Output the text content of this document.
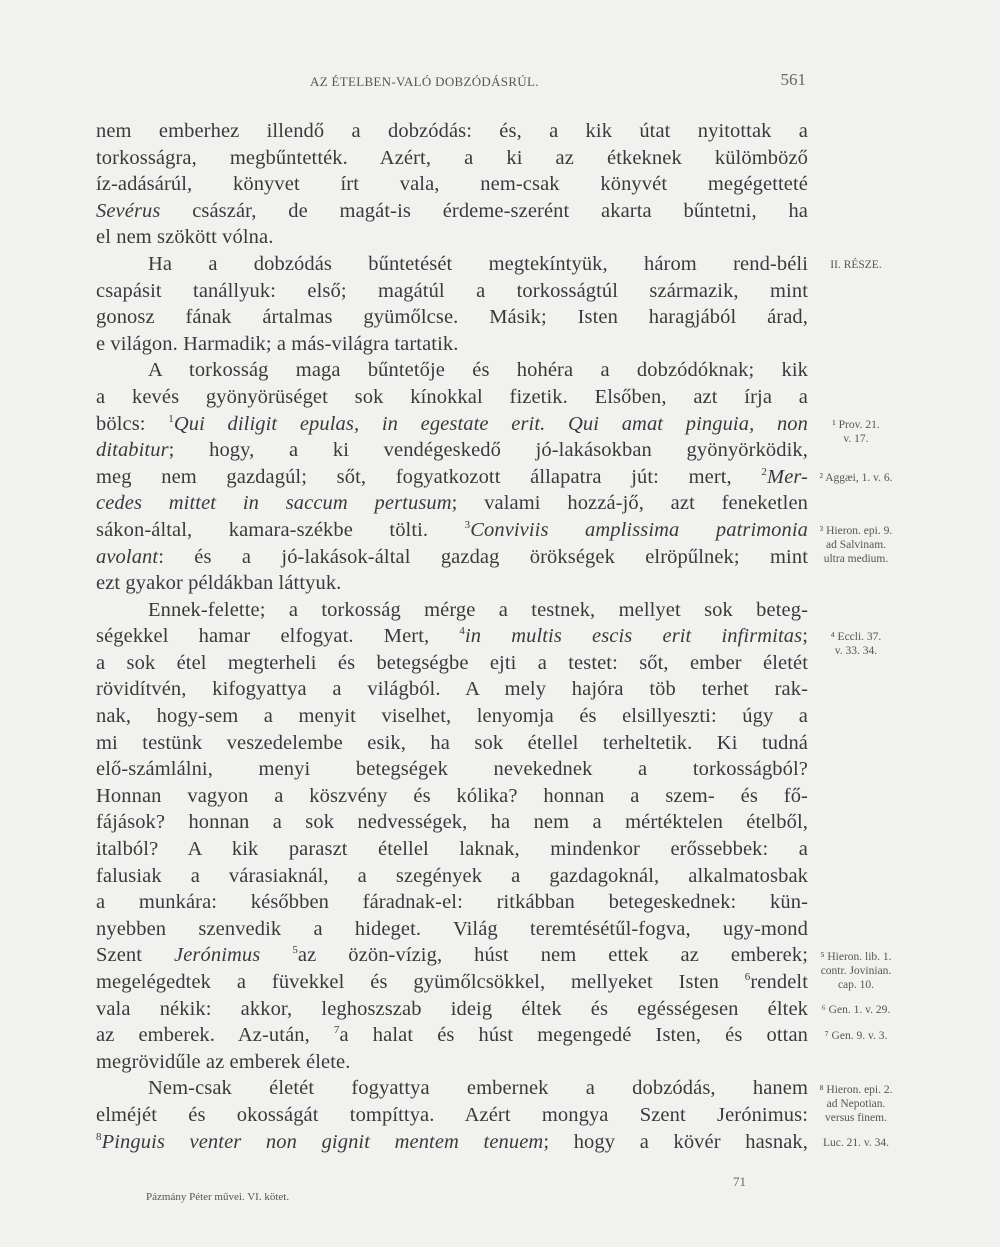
AZ ÉTELBEN-VALÓ DOBZÓDÁSRÚL.	561
nem emberhez illendő a dobzódás: és, a kik útat nyitottak a
torkosságra, megbűntették. Azért, a ki az étkeknek külömböző
íz-adásárúl, könyvet írt vala, nem-csak könyvét megégetteté
Sevérus császár, de magát-is érdeme-szerént akarta bűntetni, ha
el nem szökött vólna.
Ha a dobzódás bűntetését megtekíntyük, három rend-béli
csapásit tanállyuk: első; magátúl a torkosságtúl származik, mint
gonosz fának ártalmas gyümőlcse. Másik; Isten haragjából árad,
e világon. Harmadik; a más-világra tartatik.
A torkosság maga bűntetője és hohéra a dobzódóknak; kik
a kevés gyönyörüséget sok kínokkal fizetik. Elsőben, azt írja a
bölcs: $^1$Qui diligit epulas, in egestate erit. Qui amat pinguia, non
ditabitur; hogy, a ki vendégeskedő jó-lakásokban gyönyörködik,
meg nem gazdagúl; sőt, fogyatkozott állapatra jút: mert, $^2$Mer-
cedes mittet in saccum pertusum; valami hozzá-jő, azt feneketlen
sákon-által, kamara-székbe tölti. $^3$Conviviis amplissima patrimonia
avolant: és a jó-lakások-által gazdag örökségek elröpűlnek; mint
ezt gyakor példákban láttyuk.
Ennek-felette; a torkosság mérge a testnek, mellyet sok beteg-
ségekkel hamar elfogyat. Mert, $^4$in multis escis erit infirmitas;
a sok étel megterheli és betegségbe ejti a testet: sőt, ember életét
rövidítvén, kifogyattya a világból. A mely hajóra töb terhet rak-
nak, hogy-sem a menyit viselhet, lenyomja és elsillyeszti: úgy a
mi testünk veszedelembe esik, ha sok étellel terheltetik. Ki tudná
elő-számlálni, menyi betegségek nevekednek a torkosságból?
Honnan vagyon a köszvény és kólika? honnan a szem- és fő-
fájások? honnan a sok nedvességek, ha nem a mértéktelen ételből,
italból? A kik paraszt étellel laknak, mindenkor erőssebbek: a
falusiak a várasiaknál, a szegények a gazdagoknál, alkalmatosbak
a munkára: későbben fáradnak-el: ritkábban betegeskednek: kün-
nyebben szenvedik a hideget. Világ teremtésétűl-fogva, ugy-mond
Szent Jerónimus	$^5$az özön-vízig, húst nem ettek az emberek;
megelégedtek a füvekkel és gyümőlcsökkel, mellyeket Isten $^6$rendelt
vala nékik: akkor, leghoszszab ideig éltek és egésségesen éltek
az emberek. Az-után, $^7$a halat és húst megengedé Isten, és ottan
megrövidűle az emberek élete.
Nem-csak életét fogyattya embernek a dobzódás, hanem
elméjét és okosságát tompíttya. Azért mongya Szent Jerónimus:
$^8$Pinguis venter non gignit mentem tenuem; hogy a kövér hasnak,
II. RÉSZE.
¹ Prov. 21.
v. 17.
² Aggæi, 1. v. 6.
³ Hieron. epi. 9.
ad Salvinam.
ultra medium.
⁴ Eccli. 37.
v. 33. 34.
⁵ Hieron. lib. 1.
contr. Jovinian.
cap. 10.
⁶ Gen. 1. v. 29.
⁷ Gen. 9. v. 3.
⁸ Hieron. epi. 2.
ad Nepotian.
versus finem.
Luc. 21. v. 34.
Pázmány Péter művei. VI. kötet.
71
